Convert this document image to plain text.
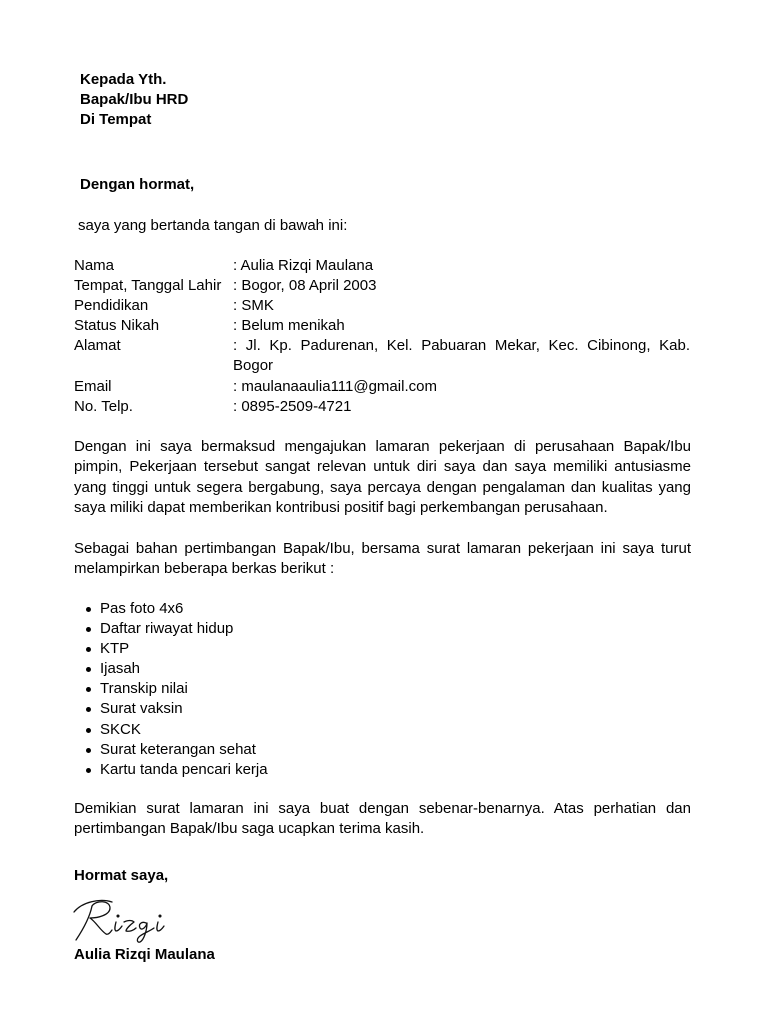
Kepada Yth.
Bapak/Ibu HRD
Di Tempat
Dengan hormat,
saya yang bertanda tangan di bawah ini:
Nama	: Aulia Rizqi Maulana
Tempat, Tanggal Lahir : Bogor, 08 April 2003
Pendidikan	: SMK
Status Nikah	: Belum menikah
Alamat	: Jl. Kp. Padurenan, Kel. Pabuaran Mekar, Kec. Cibinong, Kab. Bogor
Email	: maulanaaulia111@gmail.com
No. Telp.	: 0895-2509-4721
Dengan ini saya bermaksud mengajukan lamaran pekerjaan di perusahaan Bapak/Ibu pimpin, Pekerjaan tersebut sangat relevan untuk diri saya dan saya memiliki antusiasme yang tinggi untuk segera bergabung, saya percaya dengan pengalaman dan kualitas yang saya miliki dapat memberikan kontribusi positif bagi perkembangan perusahaan.
Sebagai bahan pertimbangan Bapak/Ibu, bersama surat lamaran pekerjaan ini saya turut melampirkan beberapa berkas berikut :
Pas foto 4x6
Daftar riwayat hidup
KTP
Ijasah
Transkip nilai
Surat vaksin
SKCK
Surat keterangan sehat
Kartu tanda pencari kerja
Demikian surat lamaran ini saya buat dengan sebenar-benarnya. Atas perhatian dan pertimbangan Bapak/Ibu saga ucapkan terima kasih.
Hormat saya,
Aulia Rizqi Maulana
